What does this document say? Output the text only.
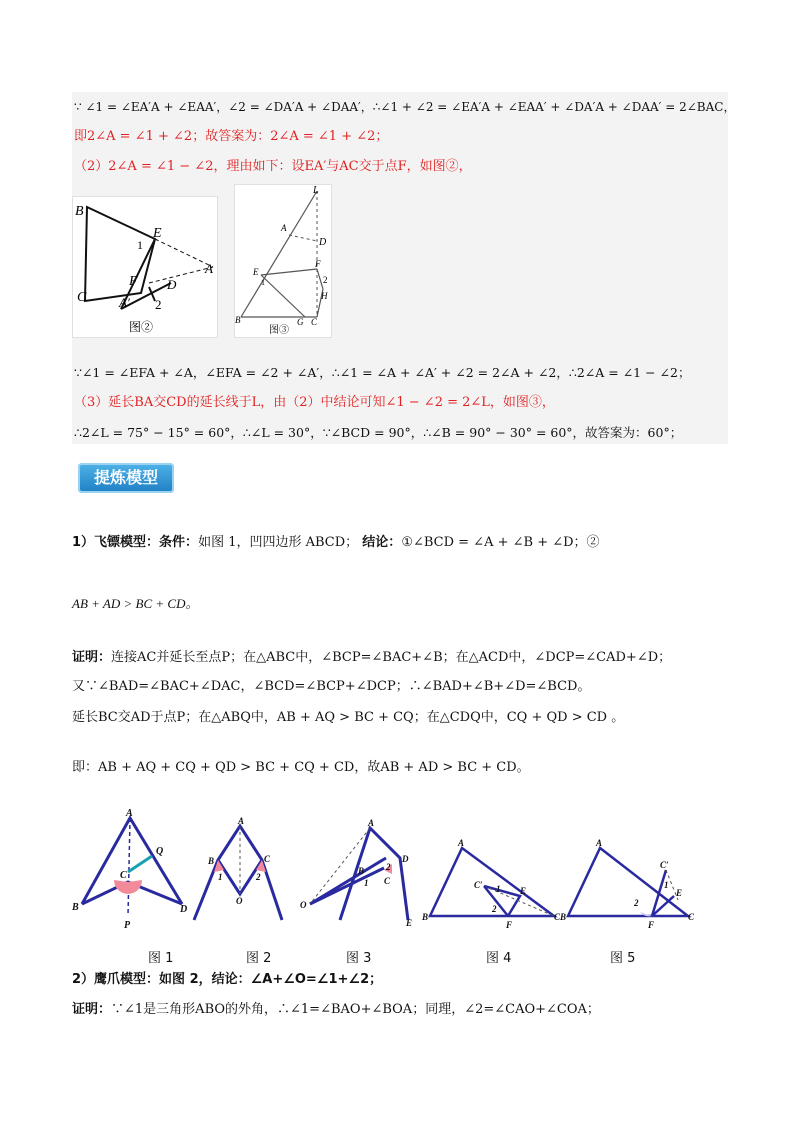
∵ ∠1 = ∠EA′A + ∠EAA′，∠2 = ∠DA′A + ∠DAA′，∴∠1 + ∠2 = ∠EA′A + ∠EAA′ + ∠DA′A + ∠DAA′ = 2∠BAC，
即2∠A = ∠1 + ∠2；故答案为：2∠A = ∠1 + ∠2；
（2）2∠A = ∠1 − ∠2，理由如下：设EA′与AC交于点F，如图②，
B
E
1
A
F D
C	A′ 2
图②
L
A
D
F
2
H
E
1
B	G C
图③
∵∠1 = ∠EFA + ∠A，∠EFA = ∠2 + ∠A′，∴∠1 = ∠A + ∠A′ + ∠2 = 2∠A + ∠2，∴2∠A = ∠1 − ∠2；
（3）延长BA交CD的延长线于L，由（2）中结论可知∠1 − ∠2 = 2∠L，如图③，
∴2∠L = 75° − 15° = 60°，∴∠L = 30°，∵∠BCD = 90°，∴∠B = 90° − 30° = 60°，故答案为：60°；
提炼模型
1）飞镖模型：条件：如图 1，凹四边形 ABCD； 结论：①∠BCD = ∠A + ∠B + ∠D；②
AB + AD > BC + CD。
证明：连接AC并延长至点P；在△ABC中，∠BCP=∠BAC+∠B；在△ACD中，∠DCP=∠CAD+∠D；
又∵∠BAD=∠BAC+∠DAC，∠BCD=∠BCP+∠DCP；∴∠BAD+∠B+∠D=∠BCD。
延长BC交AD于点P；在△ABQ中，AB + AQ > BC + CQ；在△CDQ中，CQ + QD > CD 。
即：AB + AQ + CQ + QD > BC + CQ + CD，故AB + AD > BC + CD。
A
C
Q
B	D
P
A
B	C
O
1	2
A
B
C
D
O
E
1
2
A
B	C
C′
E
F
1
2
A
B	C
C′
E
F
1
2
图 1	图 2	图 3	图 4	图 5
2）鹰爪模型：如图 2，结论：∠A+∠O=∠1+∠2；
证明：∵∠1是三角形ABO的外角，∴∠1=∠BAO+∠BOA；同理，∠2=∠CAO+∠COA；
